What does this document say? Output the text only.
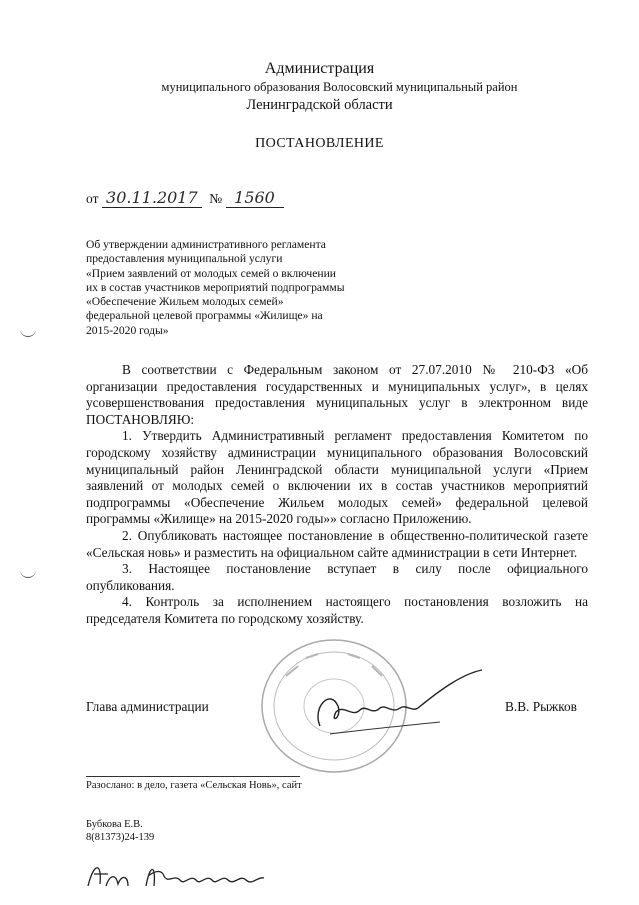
Администрация
муниципального образования Волосовский муниципальный район
Ленинградской области
ПОСТАНОВЛЕНИЕ
от 30.11.2017 № 1560
Об утверждении административного регламента
предоставления муниципальной услуги
«Прием заявлений от молодых семей о включении
их в состав участников мероприятий подпрограммы
«Обеспечение Жильем молодых семей»
федеральной целевой программы «Жилище» на
2015-2020 годы»
В соответствии с Федеральным законом от 27.07.2010 № 210-ФЗ «Об организации предоставления государственных и муниципальных услуг», в целях усовершенствования предоставления муниципальных услуг в электронном виде ПОСТАНОВЛЯЮ:
1. Утвердить Административный регламент предоставления Комитетом по городскому хозяйству администрации муниципального образования Волосовский муниципальный район Ленинградской области муниципальной услуги «Прием заявлений от молодых семей о включении их в состав участников мероприятий подпрограммы «Обеспечение Жильем молодых семей» федеральной целевой программы «Жилище» на 2015-2020 годы»» согласно Приложению.
2. Опубликовать настоящее постановление в общественно-политической газете «Сельская новь» и разместить на официальном сайте администрации в сети Интернет.
3. Настоящее постановление вступает в силу после официального опубликования.
4. Контроль за исполнением настоящего постановления возложить на председателя Комитета по городскому хозяйству.
Глава администрации	В.В. Рыжков
Разослано: в дело, газета «Сельская Новь», сайт
Бубкова Е.В.
8(81373)24-139
